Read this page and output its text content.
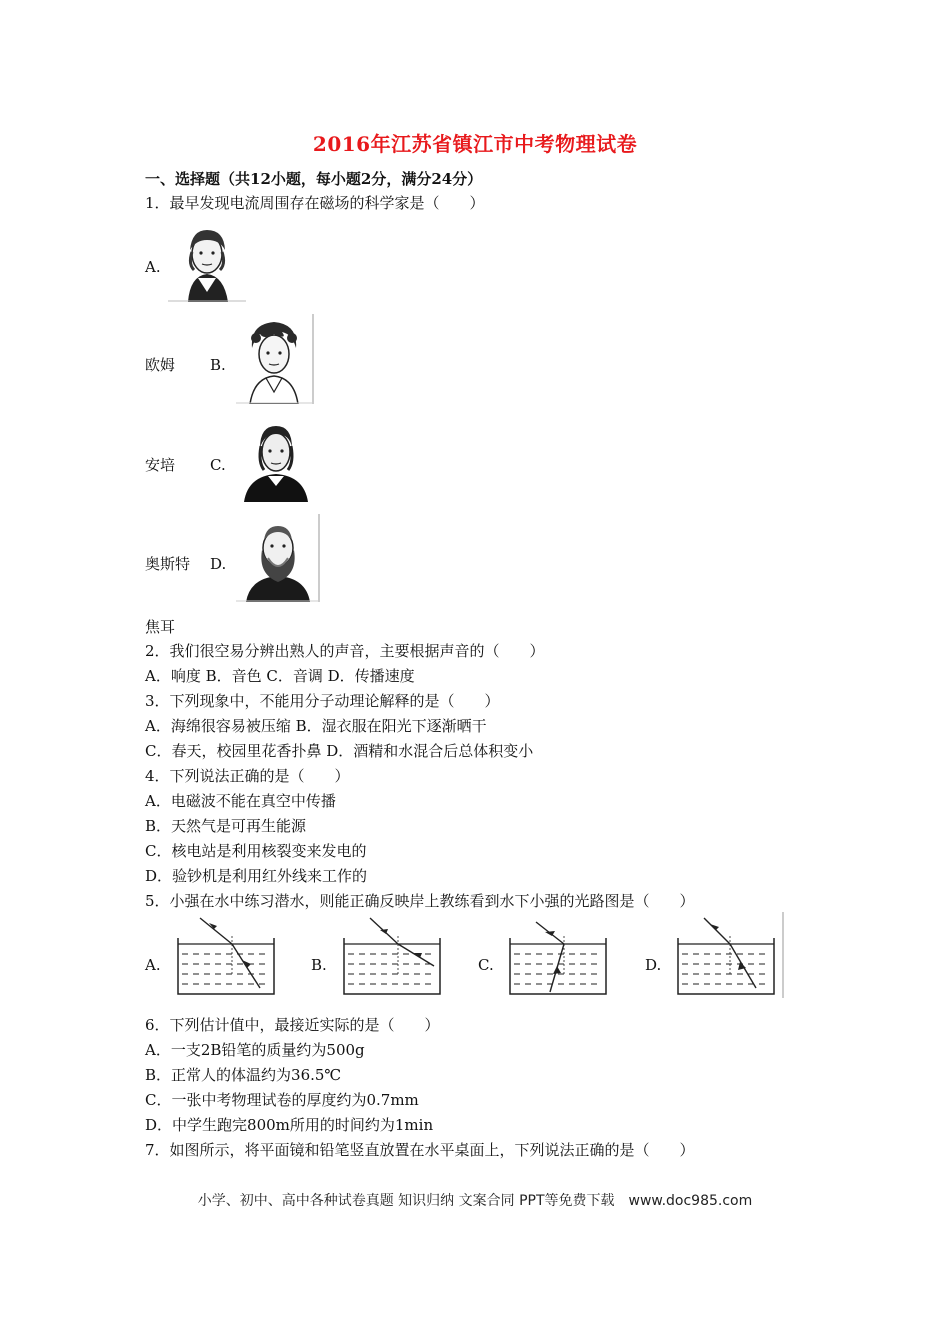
2016年江苏省镇江市中考物理试卷
一、选择题（共12小题，每小题2分，满分24分）
1．最早发现电流周围存在磁场的科学家是（　　）
A.
欧姆 B.
安培 C.
奥斯特 D.
焦耳
2．我们很空易分辨出熟人的声音，主要根据声音的（　　）
A．响度 B．音色 C．音调 D．传播速度
3．下列现象中，不能用分子动理论解释的是（　　）
A．海绵很容易被压缩 B．湿衣服在阳光下逐渐晒干
C．春天，校园里花香扑鼻 D．酒精和水混合后总体积变小
4．下列说法正确的是（　　）
A．电磁波不能在真空中传播
B．天然气是可再生能源
C．核电站是利用核裂变来发电的
D．验钞机是利用红外线来工作的
5．小强在水中练习潜水，则能正确反映岸上教练看到水下小强的光路图是（　　）
A.	B.	C.	D.
6．下列估计值中，最接近实际的是（　　）
A．一支2B铅笔的质量约为500g
B．正常人的体温约为36.5℃
C．一张中考物理试卷的厚度约为0.7mm
D．中学生跑完800m所用的时间约为1min
7．如图所示，将平面镜和铅笔竖直放置在水平桌面上，下列说法正确的是（　　）
小学、初中、高中各种试卷真题 知识归纳 文案合同 PPT等免费下载　www.doc985.com
